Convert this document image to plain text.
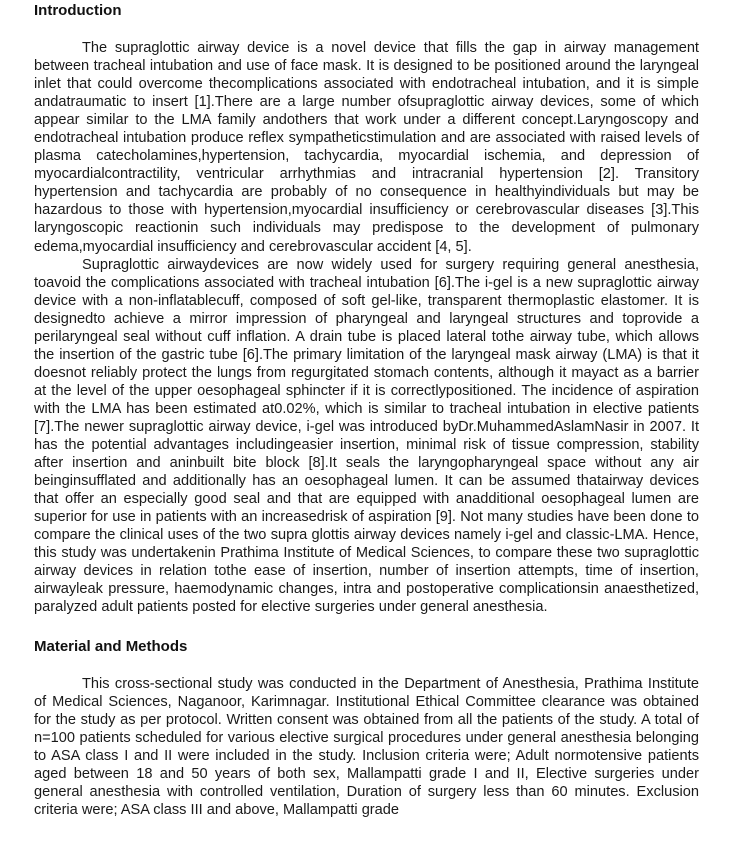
Introduction

The supraglottic airway device is a novel device that fills the gap in airway management between tracheal intubation and use of face mask. It is designed to be positioned around the laryngeal inlet that could overcome thecomplications associated with endotracheal intubation, and it is simple andatraumatic to insert [1].There are a large number ofsupraglottic airway devices, some of which appear similar to the LMA family andothers that work under a different concept.Laryngoscopy and endotracheal intubation produce reflex sympatheticstimulation and are associated with raised levels of plasma catecholamines,hypertension, tachycardia, myocardial ischemia, and depression of myocardialcontractility, ventricular arrhythmias and intracranial hypertension [2]. Transitory hypertension and tachycardia are probably of no consequence in healthyindividuals but may be hazardous to those with hypertension,myocardial insufficiency or cerebrovascular diseases [3].This laryngoscopic reactionin such individuals may predispose to the development of pulmonary edema,myocardial insufficiency and cerebrovascular accident [4, 5].

Supraglottic airwaydevices are now widely used for surgery requiring general anesthesia, toavoid the complications associated with tracheal intubation [6].The i-gel is a new supraglottic airway device with a non-inflatablecuff, composed of soft gel-like, transparent thermoplastic elastomer. It is designedto achieve a mirror impression of pharyngeal and laryngeal structures and toprovide a perilaryngeal seal without cuff inflation. A drain tube is placed lateral tothe airway tube, which allows the insertion of the gastric tube [6].The primary limitation of the laryngeal mask airway (LMA) is that it doesnot reliably protect the lungs from regurgitated stomach contents, although it mayact as a barrier at the level of the upper oesophageal sphincter if it is correctlypositioned. The incidence of aspiration with the LMA has been estimated at0.02%, which is similar to tracheal intubation in elective patients [7].The newer supraglottic airway device, i-gel was introduced byDr.MuhammedAslamNasir in 2007. It has the potential advantages includingeasier insertion, minimal risk of tissue compression, stability after insertion and aninbuilt bite block [8].It seals the laryngopharyngeal space without any air beinginsufflated and additionally has an oesophageal lumen. It can be assumed thatairway devices that offer an especially good seal and that are equipped with anadditional oesophageal lumen are superior for use in patients with an increasedrisk of aspiration [9]. Not many studies have been done to compare the clinical uses of the two supra glottis airway devices namely i-gel and classic-LMA. Hence, this study was undertakenin Prathima Institute of Medical Sciences, to compare these two supraglottic airway devices in relation tothe ease of insertion, number of insertion attempts, time of insertion, airwayleak pressure, haemodynamic changes, intra and postoperative complicationsin anaesthetized, paralyzed adult patients posted for elective surgeries under general anesthesia.

Material and Methods

This cross-sectional study was conducted in the Department of Anesthesia, Prathima Institute of Medical Sciences, Naganoor, Karimnagar. Institutional Ethical Committee clearance was obtained for the study as per protocol. Written consent was obtained from all the patients of the study. A total of n=100 patients scheduled for various elective surgical procedures under general anesthesia belonging to ASA class I and II were included in the study. Inclusion criteria were; Adult normotensive patients aged between 18 and 50 years of both sex, Mallampatti grade I and II, Elective surgeries under general anesthesia with controlled ventilation, Duration of surgery less than 60 minutes. Exclusion criteria were; ASA class III and above, Mallampatti grade
